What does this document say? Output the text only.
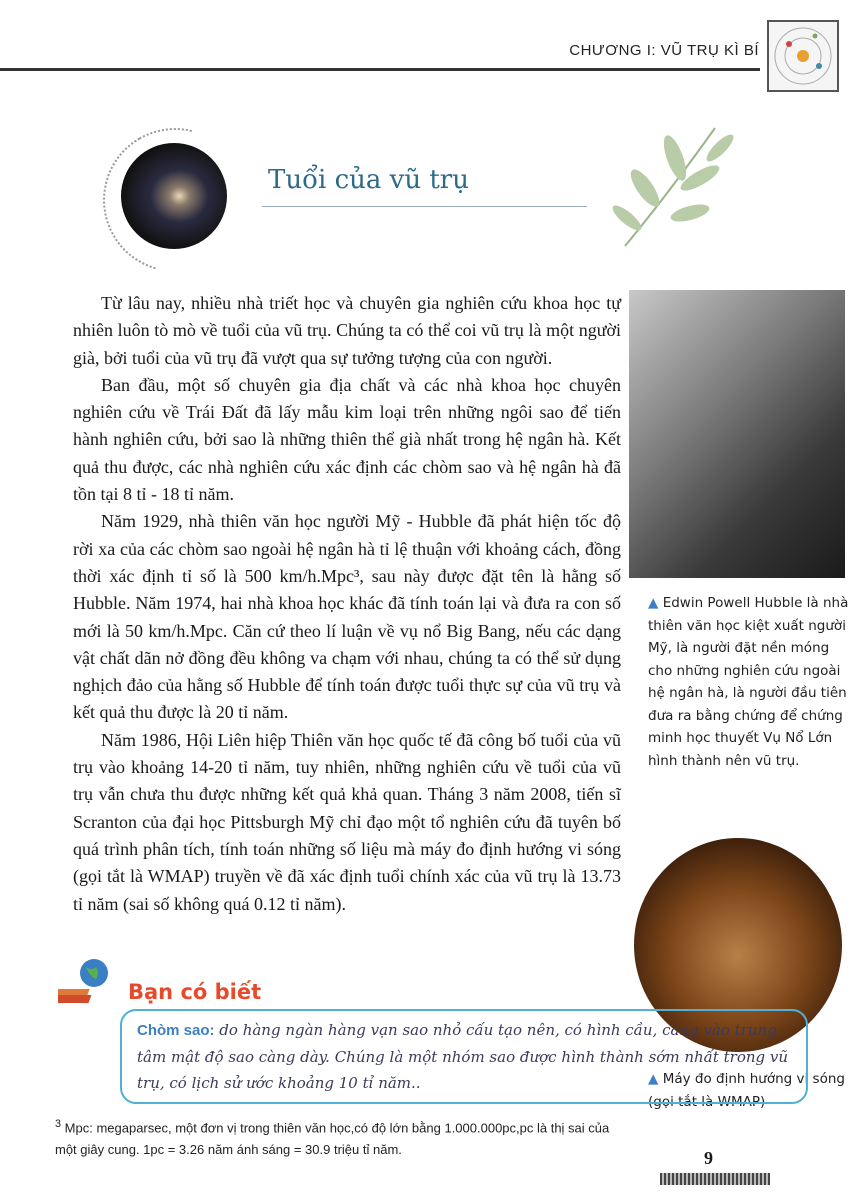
CHƯƠNG I: VŨ TRỤ KÌ BÍ
Tuổi của vũ trụ

Từ lâu nay, nhiều nhà triết học và chuyên gia nghiên cứu khoa học tự nhiên luôn tò mò về tuổi của vũ trụ. Chúng ta có thể coi vũ trụ là một người già, bởi tuổi của vũ trụ đã vượt qua sự tưởng tượng của con người.

Ban đầu, một số chuyên gia địa chất và các nhà khoa học chuyên nghiên cứu về Trái Đất đã lấy mẫu kim loại trên những ngôi sao để tiến hành nghiên cứu, bởi sao là những thiên thể già nhất trong hệ ngân hà. Kết quả thu được, các nhà nghiên cứu xác định các chòm sao và hệ ngân hà đã tồn tại 8 tỉ - 18 tỉ năm.

Năm 1929, nhà thiên văn học người Mỹ - Hubble đã phát hiện tốc độ rời xa của các chòm sao ngoài hệ ngân hà tỉ lệ thuận với khoảng cách, đồng thời xác định tỉ số là 500 km/h.Mpc³, sau này được đặt tên là hằng số Hubble. Năm 1974, hai nhà khoa học khác đã tính toán lại và đưa ra con số mới là 50 km/h.Mpc. Căn cứ theo lí luận về vụ nổ Big Bang, nếu các dạng vật chất dãn nở đồng đều không va chạm với nhau, chúng ta có thể sử dụng nghịch đảo của hằng số Hubble để tính toán được tuổi thực sự của vũ trụ và kết quả thu được là 20 tỉ năm.

Năm 1986, Hội Liên hiệp Thiên văn học quốc tế đã công bố tuổi của vũ trụ vào khoảng 14-20 tỉ năm, tuy nhiên, những nghiên cứu về tuổi của vũ trụ vẫn chưa thu được những kết quả khả quan. Tháng 3 năm 2008, tiến sĩ Scranton của đại học Pittsburgh Mỹ chỉ đạo một tổ nghiên cứu đã tuyên bố quá trình phân tích, tính toán những số liệu mà máy đo định hướng vi sóng (gọi tắt là WMAP) truyền về đã xác định tuổi chính xác của vũ trụ là 13.73 tỉ năm (sai số không quá 0.12 tỉ năm).

▲ Edwin Powell Hubble là nhà thiên văn học kiệt xuất người Mỹ, là người đặt nền móng cho những nghiên cứu ngoài hệ ngân hà, là người đầu tiên đưa ra bằng chứng để chứng minh học thuyết Vụ Nổ Lớn hình thành nên vũ trụ.
▲ Máy đo định hướng vi sóng (gọi tắt là WMAP)
Bạn có biết
Chòm sao: do hàng ngàn hàng vạn sao nhỏ cấu tạo nên, có hình cầu, càng vào trung tâm mật độ sao càng dày. Chúng là một nhóm sao được hình thành sớm nhất trong vũ trụ, có lịch sử ước khoảng 10 tỉ năm..
$^3$ Mpc: megaparsec, một đơn vị trong thiên văn học,có độ lớn bằng 1.000.000pc,pc là thị sai của một giây cung. 1pc = 3.26 năm ánh sáng = 30.9 triệu tỉ năm.	9
